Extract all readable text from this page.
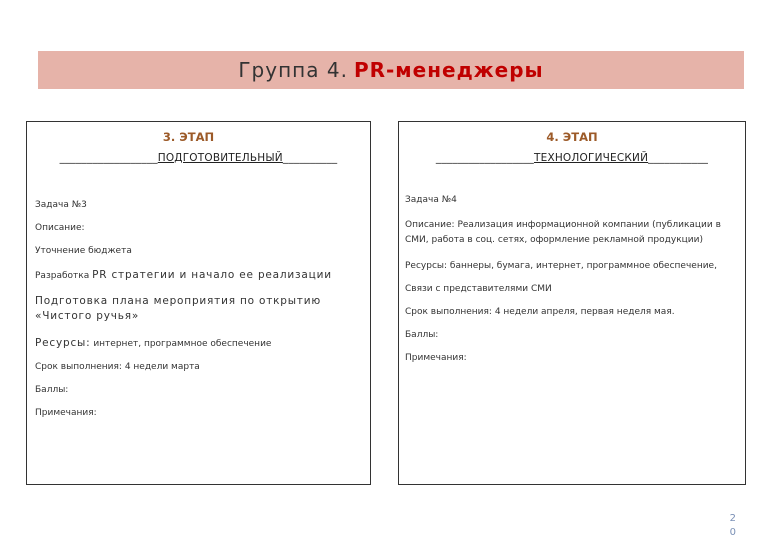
Группа 4. PR-менеджеры
3. ЭТАП
__________________ПОДГОТОВИТЕЛЬНЫЙ__________
Задача №3
Описание:
Уточнение бюджета
Разработка PR стратегии и начало ее реализации
Подготовка плана мероприятия по открытию
«Чистого ручья»
Ресурсы: интернет, программное обеспечение
Срок выполнения: 4 недели марта
Баллы:
Примечания:
4. ЭТАП
__________________ТЕХНОЛОГИЧЕСКИЙ___________
Задача №4
Описание: Реализация информационной компании (публикации в СМИ, работа в соц. сетях, оформление рекламной продукции)
Ресурсы: баннеры, бумага, интернет, программное обеспечение,
Связи с представителями СМИ
Срок выполнения: 4 недели апреля, первая неделя мая.
Баллы:
Примечания:
2
0
